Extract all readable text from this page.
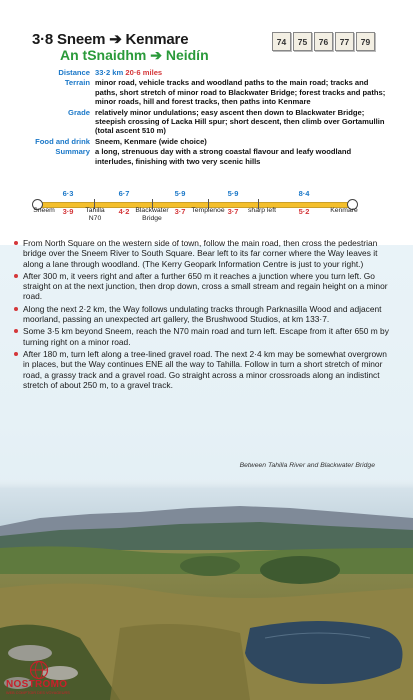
3·8 Sneem ➔ Kenmare
An tSnaidhm ➔ Neidín
74	75	76	77	79
Distance 33·2 km 20·6 miles
Terrain minor road, vehicle tracks and woodland paths to the main road; tracks and paths, short stretch of minor road to Blackwater Bridge; forest tracks and paths; minor roads, hill and forest tracks, then paths into Kenmare
Grade relatively minor undulations; easy ascent then down to Blackwater Bridge; steepish crossing of Lacka Hill spur; short descent, then climb over Gortamullin (total ascent 510 m)
Food and drink Sneem, Kenmare (wide choice)
Summary a long, strenuous day with a strong coastal flavour and leafy woodland interludes, finishing with two very scenic hills
6·3	6·7	5·9	5·9	8·4
3·9	4·2	3·7	3·7	5·2
Sneem	Tahilla N70
Blackwater Bridge
Templenoe	sharp left	Kenmare
From North Square on the western side of town, follow the main road, then cross the pedestrian bridge over the Sneem River to South Square. Bear left to its far corner where the Way leaves it along a lane through woodland. (The Kerry Geopark Information Centre is just to your right.)
After 300 m, it veers right and after a further 650 m it reaches a junction where you turn left. Go straight on at the next junction, then drop down, cross a small stream and regain height on a minor road.
Along the next 2·2 km, the Way follows undulating tracks through Parknasilla Wood and adjacent moorland, passing an unexpected art gallery, the Brushwood Studios, at km 133·7.
Some 3·5 km beyond Sneem, reach the N70 main road and turn left. Escape from it after 650 m by turning right on a minor road.
After 180 m, turn left along a tree-lined gravel road. The next 2·4 km may be somewhat overgrown in places, but the Way continues ENE all the way to Tahilla. Follow in turn a short stretch of minor road, a grassy track and a gravel road. Go straight across a minor crossroads along an indistinct stretch of about 250 m, to a gravel track.
Between Tahilla River and Blackwater Bridge
NOSTROMO
WEB COMPTOIR DES VOYAGEURS
